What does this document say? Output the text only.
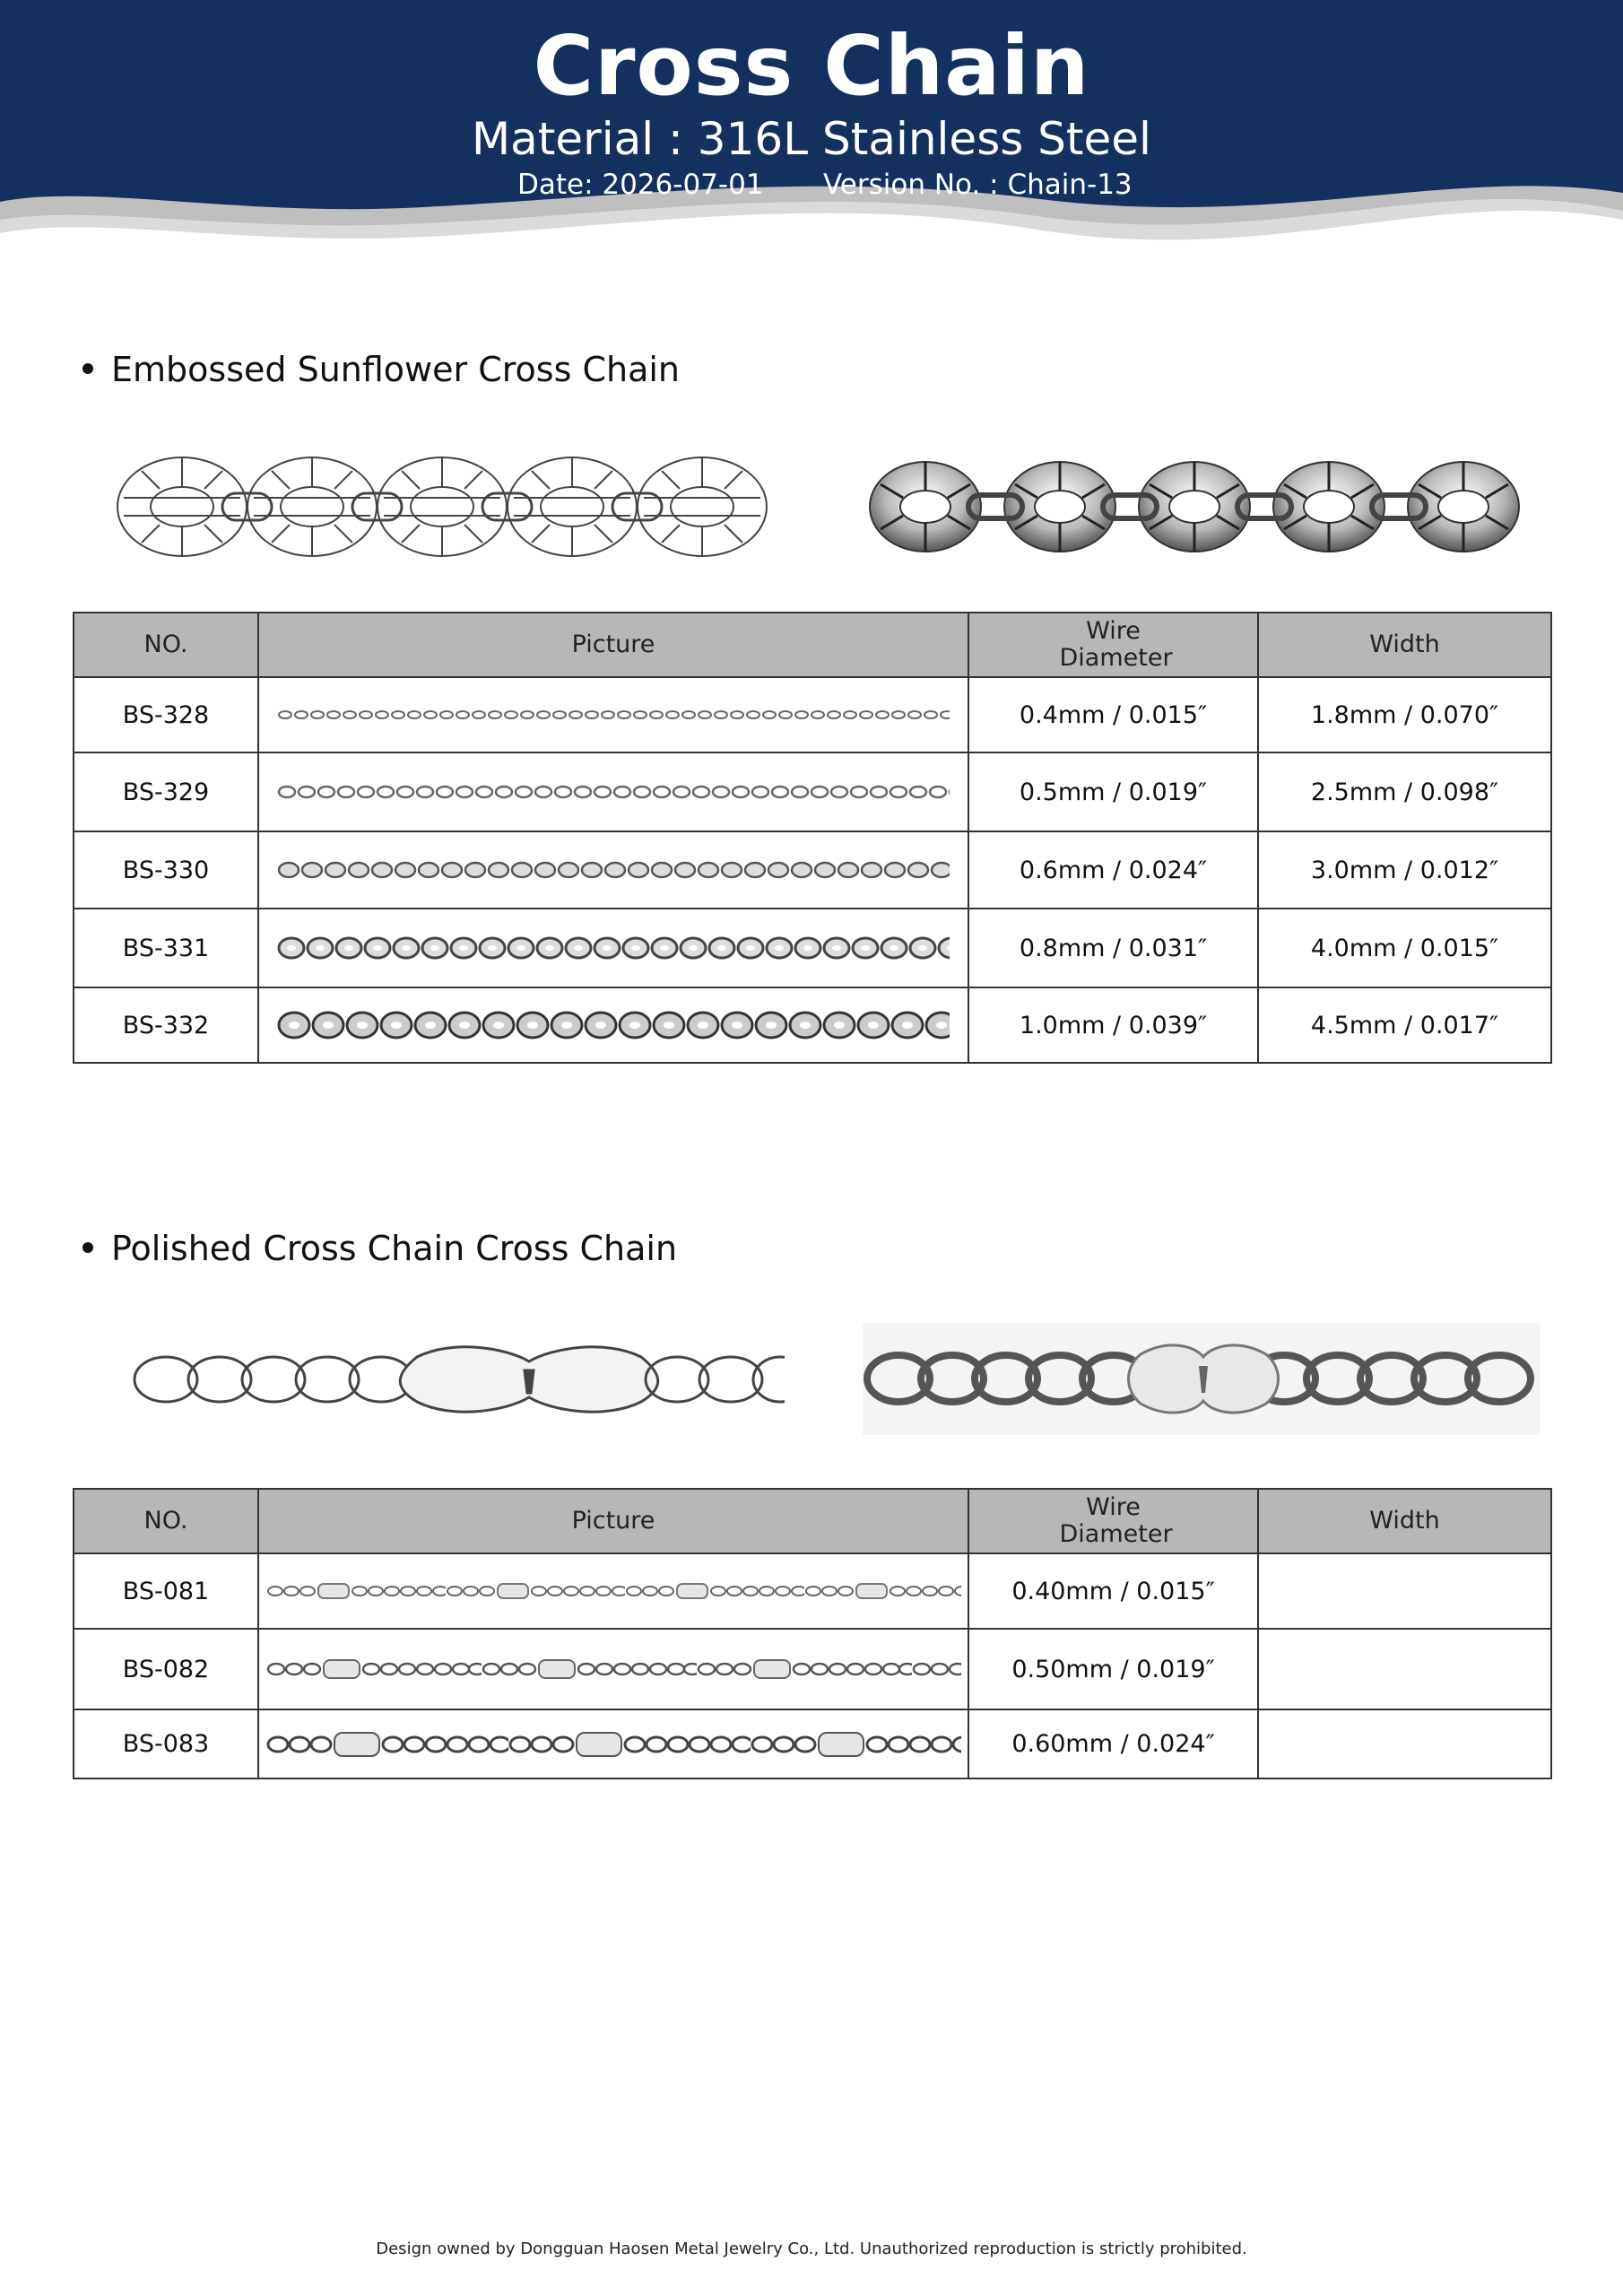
Cross Chain
Material : 316L Stainless Steel
Date: 2026-07-01 Version No. : Chain-13
Embossed Sunflower Cross Chain
NO.	Picture	Wire Diameter	Width
BS-328		0.4mm / 0.015″	1.8mm / 0.070″
BS-329		0.5mm / 0.019″	2.5mm / 0.098″
BS-330		0.6mm / 0.024″	3.0mm / 0.012″
BS-331		0.8mm / 0.031″	4.0mm / 0.015″
BS-332		1.0mm / 0.039″	4.5mm / 0.017″
Polished Cross Chain Cross Chain
NO.	Picture	Wire Diameter	Width
BS-081		0.40mm / 0.015″	
BS-082		0.50mm / 0.019″	
BS-083		0.60mm / 0.024″	
Design owned by Dongguan Haosen Metal Jewelry Co., Ltd. Unauthorized reproduction is strictly prohibited.
